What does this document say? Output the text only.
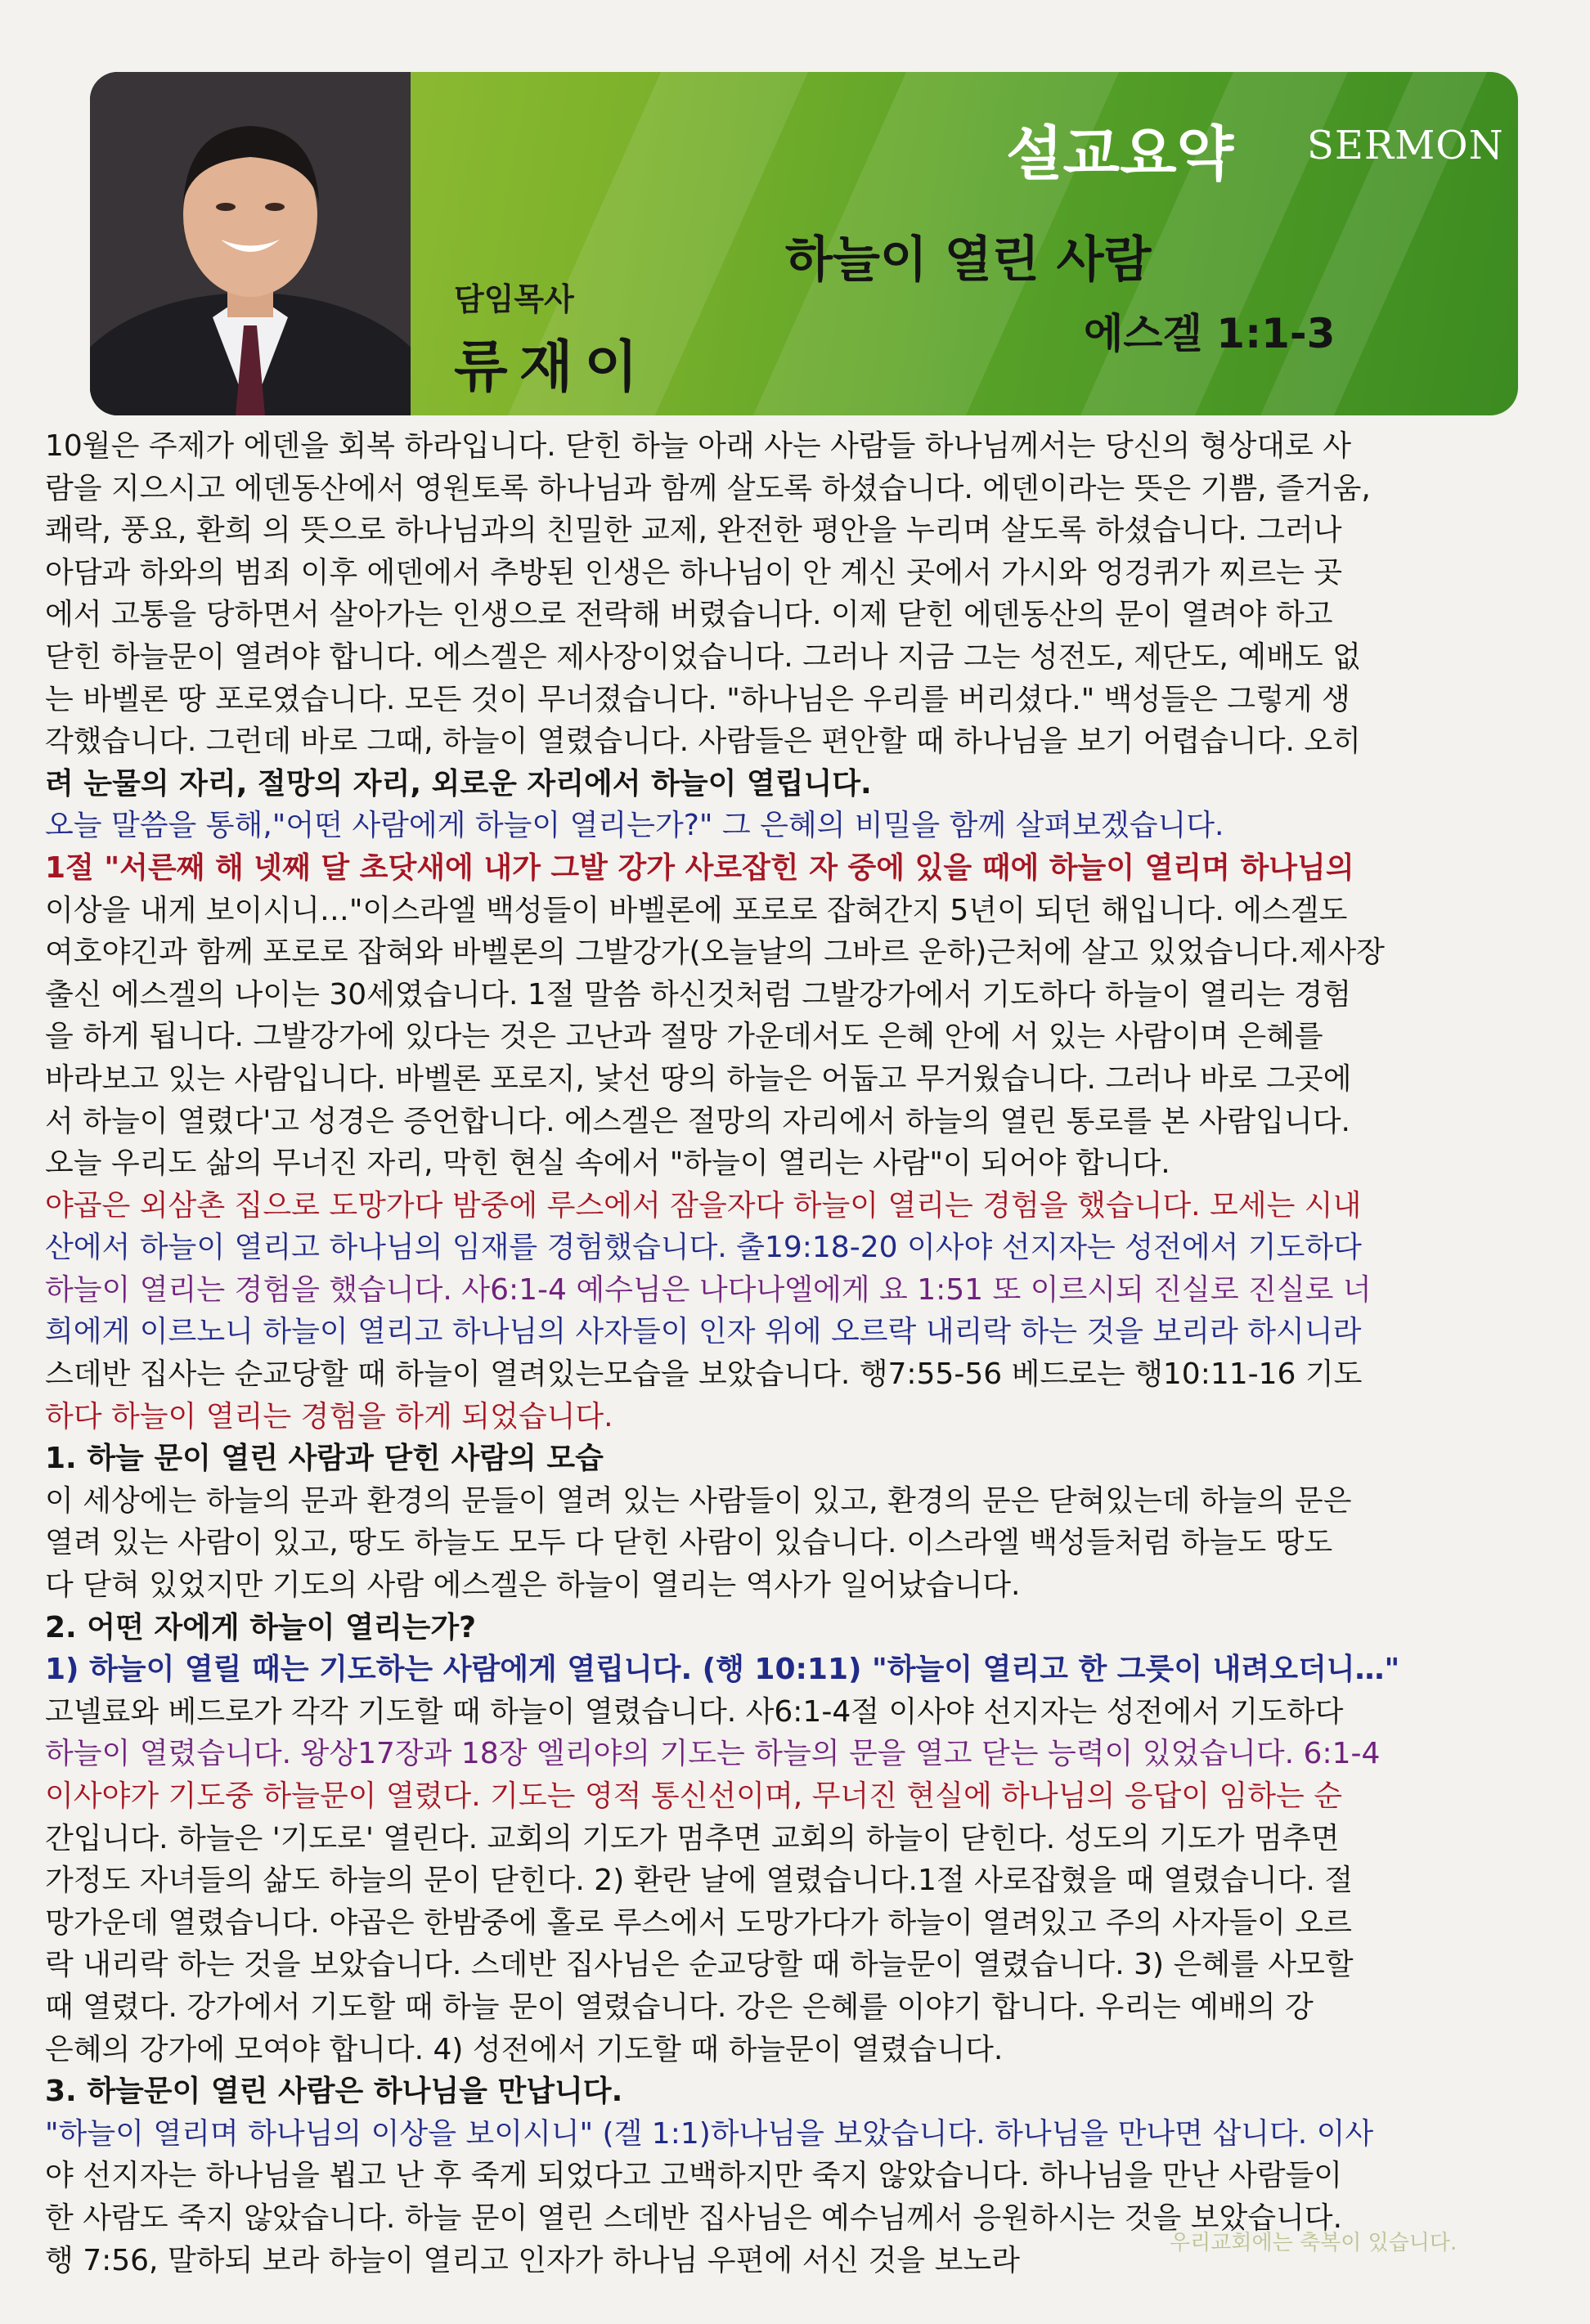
설교요약 SERMON
하늘이 열린 사람
에스겔 1:1-3
담임목사
류재이
10월은 주제가 에덴을 회복 하라입니다. 닫힌 하늘 아래 사는 사람들 하나님께서는 당신의 형상대로 사
람을 지으시고 에덴동산에서 영원토록 하나님과 함께 살도록 하셨습니다. 에덴이라는 뜻은 기쁨, 즐거움,
쾌락, 풍요, 환희 의 뜻으로 하나님과의 친밀한 교제, 완전한 평안을 누리며 살도록 하셨습니다. 그러나
아담과 하와의 범죄 이후 에덴에서 추방된 인생은 하나님이 안 계신 곳에서 가시와 엉겅퀴가 찌르는 곳
에서 고통을 당하면서 살아가는 인생으로 전락해 버렸습니다. 이제 닫힌 에덴동산의 문이 열려야 하고
닫힌 하늘문이 열려야 합니다. 에스겔은 제사장이었습니다. 그러나 지금 그는 성전도, 제단도, 예배도 없
는 바벨론 땅 포로였습니다. 모든 것이 무너졌습니다. "하나님은 우리를 버리셨다." 백성들은 그렇게 생
각했습니다. 그런데 바로 그때, 하늘이 열렸습니다. 사람들은 편안할 때 하나님을 보기 어렵습니다. 오히
려 눈물의 자리, 절망의 자리, 외로운 자리에서 하늘이 열립니다.
오늘 말씀을 통해,"어떤 사람에게 하늘이 열리는가?" 그 은혜의 비밀을 함께 살펴보겠습니다.
1절 "서른째 해 넷째 달 초닷새에 내가 그발 강가 사로잡힌 자 중에 있을 때에 하늘이 열리며 하나님의
이상을 내게 보이시니…"이스라엘 백성들이 바벨론에 포로로 잡혀간지 5년이 되던 해입니다. 에스겔도
여호야긴과 함께 포로로 잡혀와 바벨론의 그발강가(오늘날의 그바르 운하)근처에 살고 있었습니다.제사장
출신 에스겔의 나이는 30세였습니다. 1절 말씀 하신것처럼 그발강가에서 기도하다 하늘이 열리는 경험
을 하게 됩니다. 그발강가에 있다는 것은 고난과 절망 가운데서도 은혜 안에 서 있는 사람이며 은혜를
바라보고 있는 사람입니다. 바벨론 포로지, 낯선 땅의 하늘은 어둡고 무거웠습니다. 그러나 바로 그곳에
서 하늘이 열렸다'고 성경은 증언합니다. 에스겔은 절망의 자리에서 하늘의 열린 통로를 본 사람입니다.
오늘 우리도 삶의 무너진 자리, 막힌 현실 속에서 "하늘이 열리는 사람"이 되어야 합니다.
야곱은 외삼촌 집으로 도망가다 밤중에 루스에서 잠을자다 하늘이 열리는 경험을 했습니다. 모세는 시내
산에서 하늘이 열리고 하나님의 임재를 경험했습니다. 출19:18-20 이사야 선지자는 성전에서 기도하다
하늘이 열리는 경험을 했습니다. 사6:1-4 예수님은 나다나엘에게 요 1:51 또 이르시되 진실로 진실로 너
희에게 이르노니 하늘이 열리고 하나님의 사자들이 인자 위에 오르락 내리락 하는 것을 보리라 하시니라
스데반 집사는 순교당할 때 하늘이 열려있는모습을 보았습니다. 행7:55-56 베드로는 행10:11-16 기도
하다 하늘이 열리는 경험을 하게 되었습니다.
1. 하늘 문이 열린 사람과 닫힌 사람의 모습
이 세상에는 하늘의 문과 환경의 문들이 열려 있는 사람들이 있고, 환경의 문은 닫혀있는데 하늘의 문은
열려 있는 사람이 있고, 땅도 하늘도 모두 다 닫힌 사람이 있습니다. 이스라엘 백성들처럼 하늘도 땅도
다 닫혀 있었지만 기도의 사람 에스겔은 하늘이 열리는 역사가 일어났습니다.
2. 어떤 자에게 하늘이 열리는가?
1) 하늘이 열릴 때는 기도하는 사람에게 열립니다. (행 10:11) "하늘이 열리고 한 그릇이 내려오더니…"
고넬료와 베드로가 각각 기도할 때 하늘이 열렸습니다. 사6:1-4절 이사야 선지자는 성전에서 기도하다
하늘이 열렸습니다. 왕상17장과 18장 엘리야의 기도는 하늘의 문을 열고 닫는 능력이 있었습니다. 6:1-4
이사야가 기도중 하늘문이 열렸다. 기도는 영적 통신선이며, 무너진 현실에 하나님의 응답이 임하는 순
간입니다. 하늘은 '기도로' 열린다. 교회의 기도가 멈추면 교회의 하늘이 닫힌다. 성도의 기도가 멈추면
가정도 자녀들의 삶도 하늘의 문이 닫힌다. 2) 환란 날에 열렸습니다.1절 사로잡혔을 때 열렸습니다. 절
망가운데 열렸습니다. 야곱은 한밤중에 홀로 루스에서 도망가다가 하늘이 열려있고 주의 사자들이 오르
락 내리락 하는 것을 보았습니다. 스데반 집사님은 순교당할 때 하늘문이 열렸습니다. 3) 은혜를 사모할
때 열렸다. 강가에서 기도할 때 하늘 문이 열렸습니다. 강은 은혜를 이야기 합니다. 우리는 예배의 강
은혜의 강가에 모여야 합니다. 4) 성전에서 기도할 때 하늘문이 열렸습니다.
3. 하늘문이 열린 사람은 하나님을 만납니다.
"하늘이 열리며 하나님의 이상을 보이시니" (겔 1:1)하나님을 보았습니다. 하나님을 만나면 삽니다. 이사
야 선지자는 하나님을 뵙고 난 후 죽게 되었다고 고백하지만 죽지 않았습니다. 하나님을 만난 사람들이
한 사람도 죽지 않았습니다. 하늘 문이 열린 스데반 집사님은 예수님께서 응원하시는 것을 보았습니다.
행 7:56, 말하되 보라 하늘이 열리고 인자가 하나님 우편에 서신 것을 보노라
우리교회에는 축복이 있습니다.
